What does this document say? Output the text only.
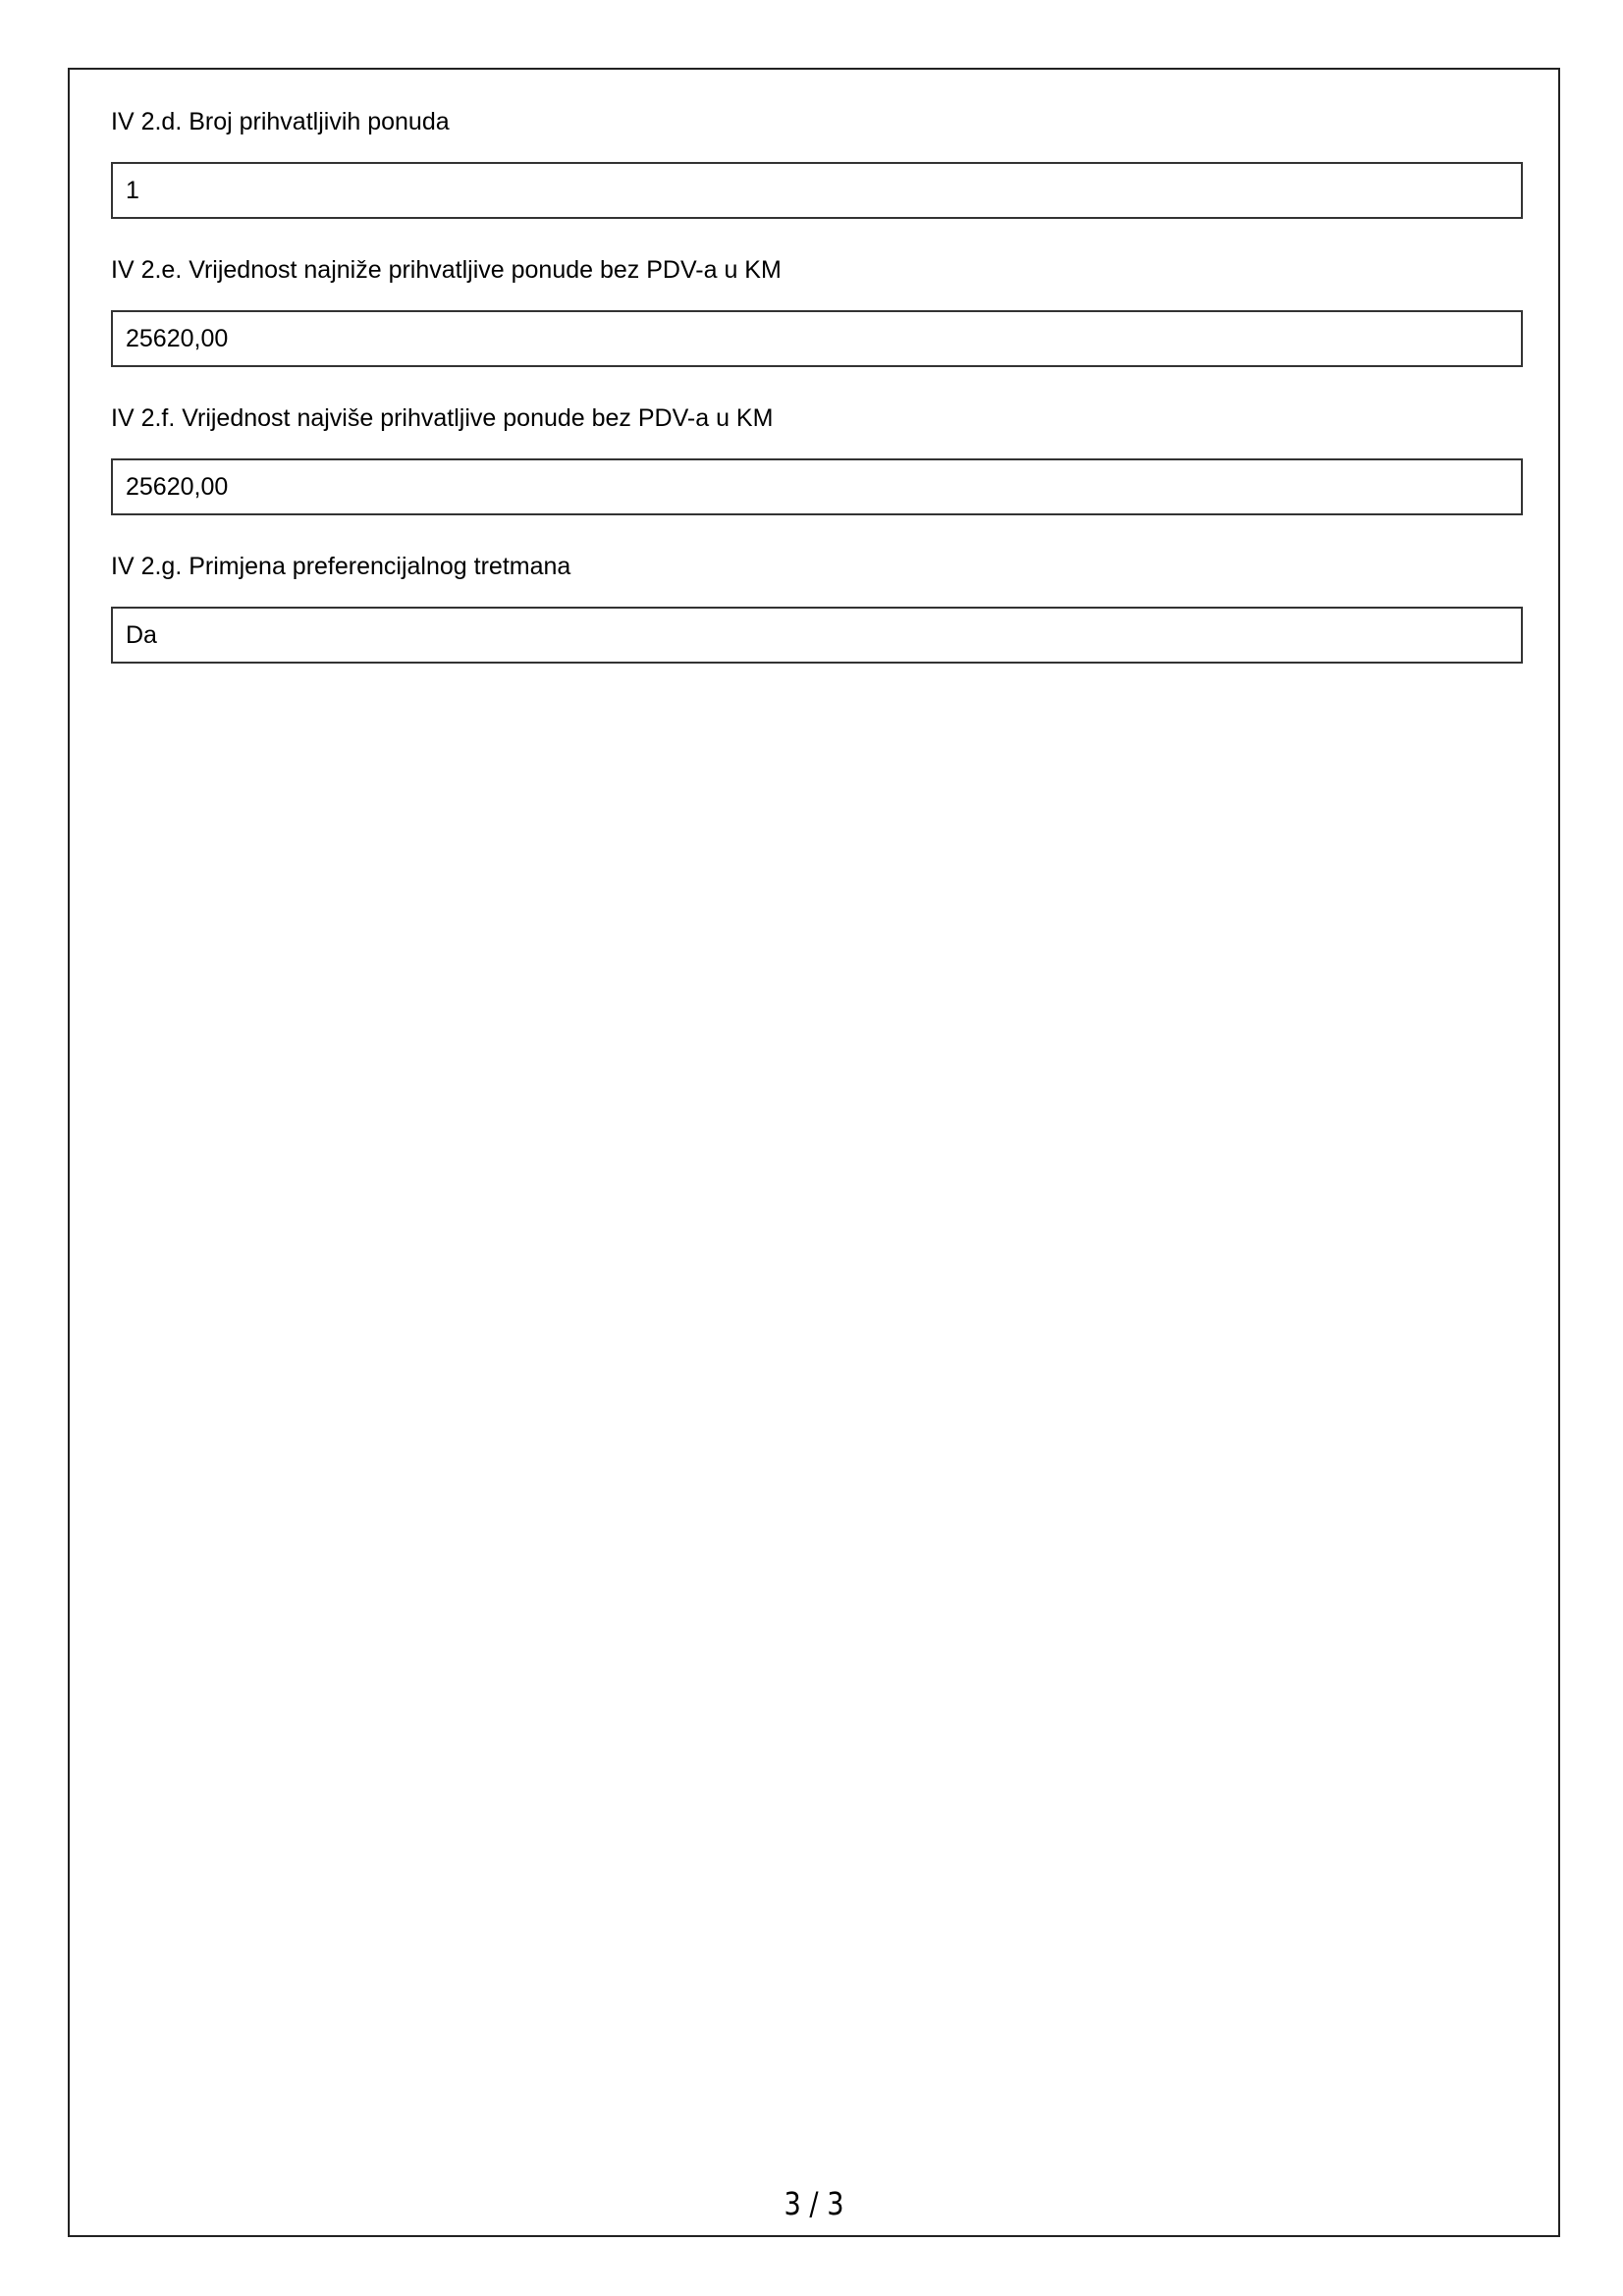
IV 2.d. Broj prihvatljivih ponuda

1

IV 2.e. Vrijednost najniže prihvatljive ponude bez PDV-a u KM

25620,00

IV 2.f. Vrijednost najviše prihvatljive ponude bez PDV-a u KM

25620,00

IV 2.g. Primjena preferencijalnog tretmana

Da
3 / 3
